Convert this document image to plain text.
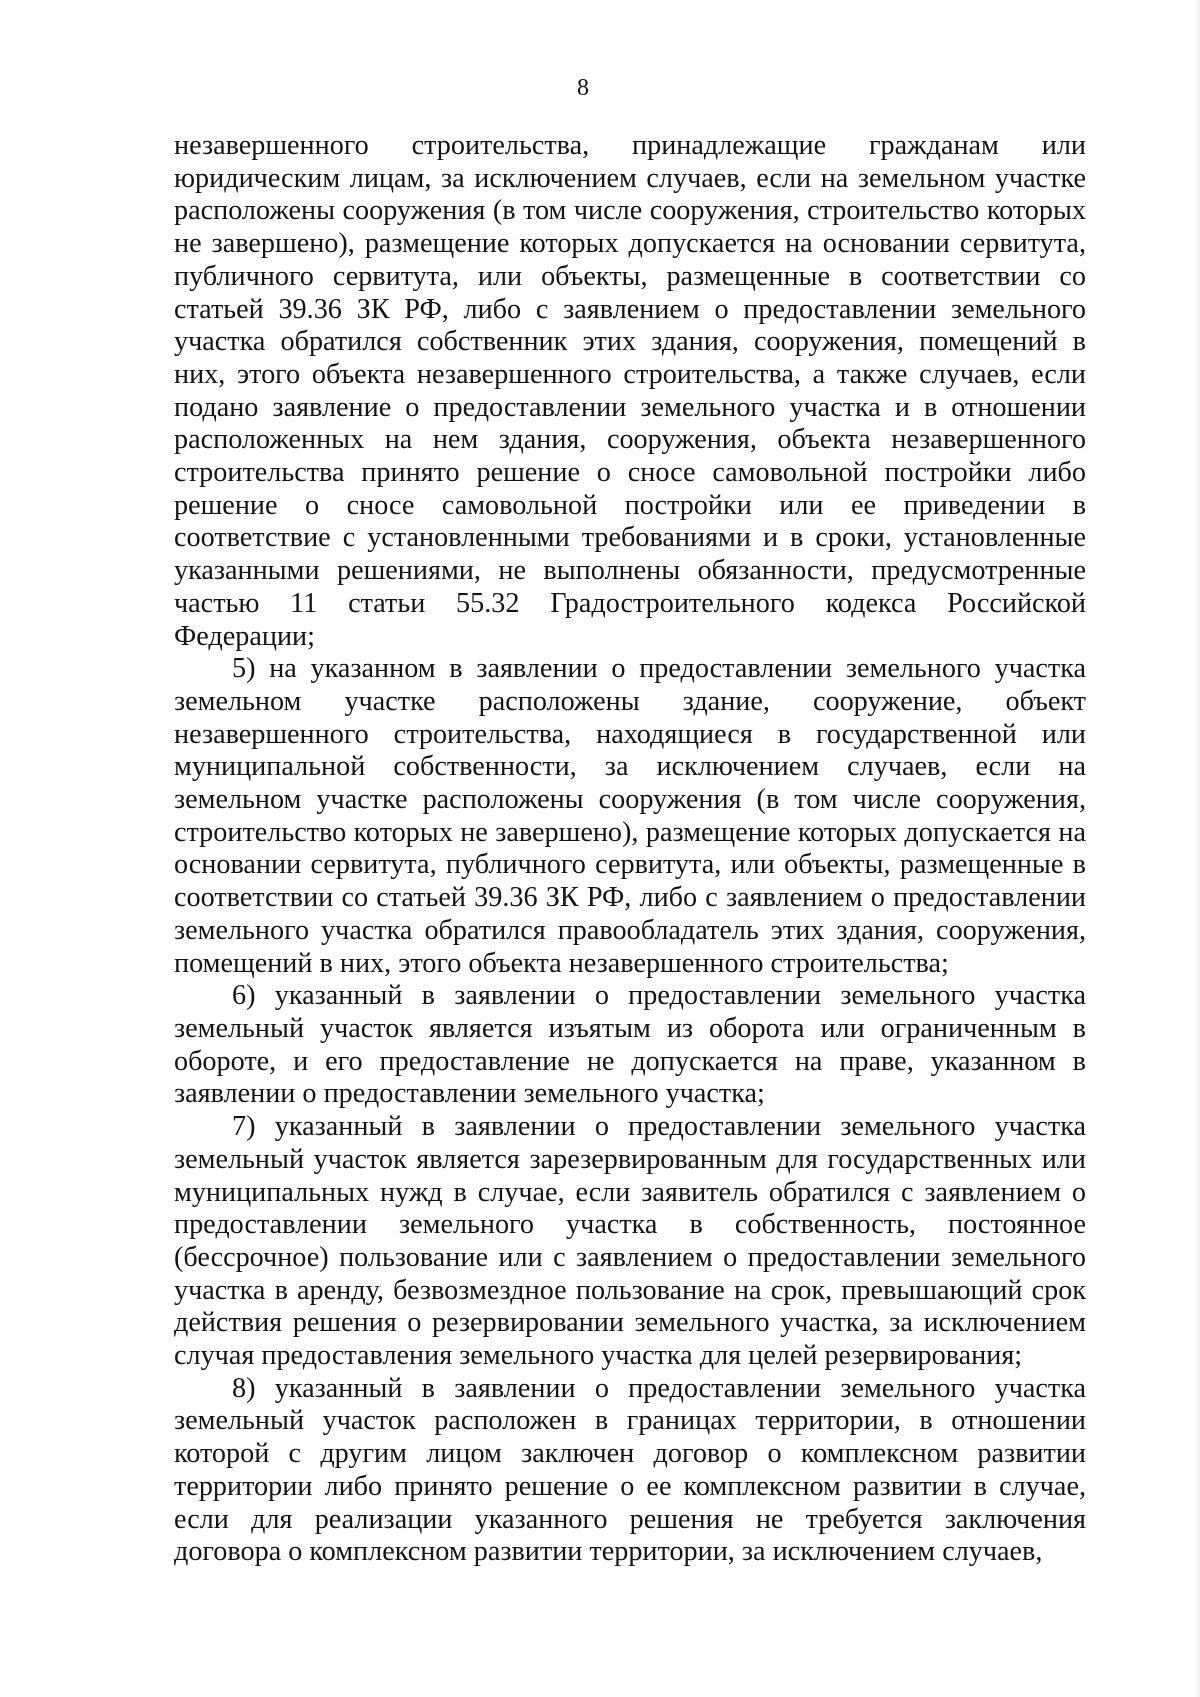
8

незавершенного строительства, принадлежащие гражданам или юридическим лицам, за исключением случаев, если на земельном участке расположены сооружения (в том числе сооружения, строительство которых не завершено), размещение которых допускается на основании сервитута, публичного сервитута, или объекты, размещенные в соответствии со статьей 39.36 ЗК РФ, либо с заявлением о предоставлении земельного участка обратился собственник этих здания, сооружения, помещений в них, этого объекта незавершенного строительства, а также случаев, если подано заявление о предоставлении земельного участка и в отношении расположенных на нем здания, сооружения, объекта незавершенного строительства принято решение о сносе самовольной постройки либо решение о сносе самовольной постройки или ее приведении в соответствие с установленными требованиями и в сроки, установленные указанными решениями, не выполнены обязанности, предусмотренные частью 11 статьи 55.32 Градостроительного кодекса Российской Федерации;

5) на указанном в заявлении о предоставлении земельного участка земельном участке расположены здание, сооружение, объект незавершенного строительства, находящиеся в государственной или муниципальной собственности, за исключением случаев, если на земельном участке расположены сооружения (в том числе сооружения, строительство которых не завершено), размещение которых допускается на основании сервитута, публичного сервитута, или объекты, размещенные в соответствии со статьей 39.36 ЗК РФ, либо с заявлением о предоставлении земельного участка обратился правообладатель этих здания, сооружения, помещений в них, этого объекта незавершенного строительства;

6) указанный в заявлении о предоставлении земельного участка земельный участок является изъятым из оборота или ограниченным в обороте, и его предоставление не допускается на праве, указанном в заявлении о предоставлении земельного участка;

7) указанный в заявлении о предоставлении земельного участка земельный участок является зарезервированным для государственных или муниципальных нужд в случае, если заявитель обратился с заявлением о предоставлении земельного участка в собственность, постоянное (бессрочное) пользование или с заявлением о предоставлении земельного участка в аренду, безвозмездное пользование на срок, превышающий срок действия решения о резервировании земельного участка, за исключением случая предоставления земельного участка для целей резервирования;

8) указанный в заявлении о предоставлении земельного участка земельный участок расположен в границах территории, в отношении которой с другим лицом заключен договор о комплексном развитии территории либо принято решение о ее комплексном развитии в случае, если для реализации указанного решения не требуется заключения договора о комплексном развитии территории, за исключением случаев,
